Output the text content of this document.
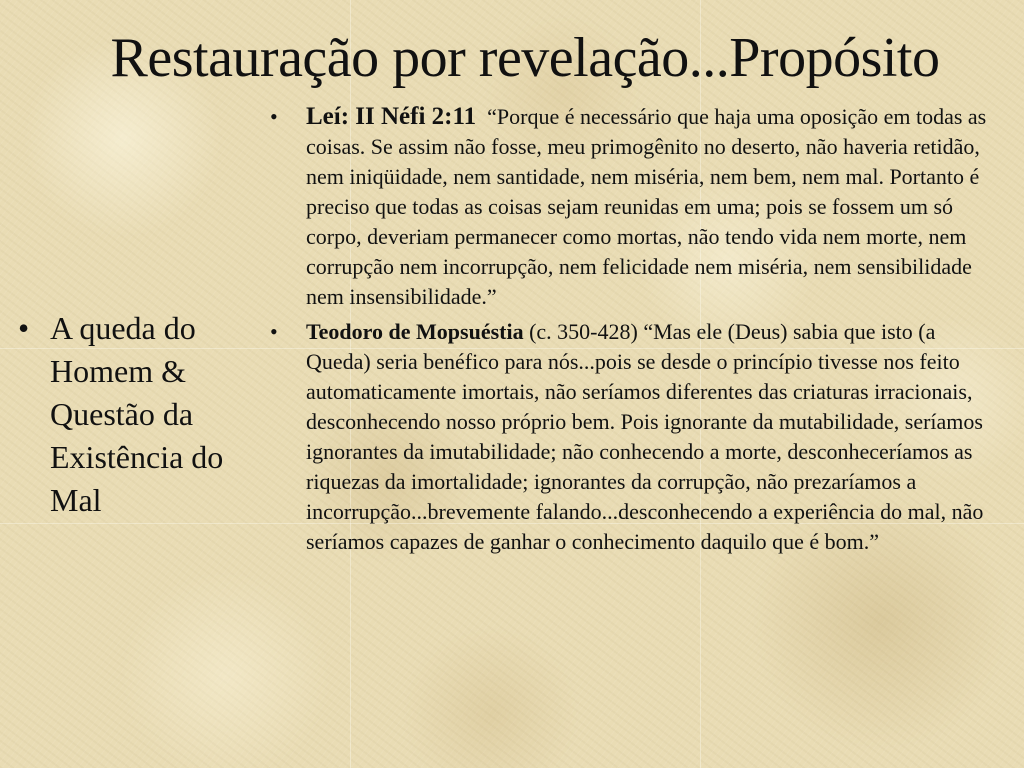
Restauração por revelação...Propósito
• A queda do Homem & Questão da Existência do Mal
• Leí: II Néfi 2:11 “Porque é necessário que haja uma oposição em todas as coisas. Se assim não fosse, meu primogênito no deserto, não haveria retidão, nem iniqüidade, nem santidade, nem miséria, nem bem, nem mal. Portanto é preciso que todas as coisas sejam reunidas em uma; pois se fossem um só corpo, deveriam permanecer como mortas, não tendo vida nem morte, nem corrupção nem incorrupção, nem felicidade nem miséria, nem sensibilidade nem insensibilidade.”
• Teodoro de Mopsuéstia (c. 350-428) “Mas ele (Deus) sabia que isto (a Queda) seria benéfico para nós...pois se desde o princípio tivesse nos feito automaticamente imortais, não seríamos diferentes das criaturas irracionais, desconhecendo nosso próprio bem. Pois ignorante da mutabilidade, seríamos ignorantes da imutabilidade; não conhecendo a morte, desconheceríamos as riquezas da imortalidade; ignorantes da corrupção, não prezaríamos a incorrupção...brevemente falando...desconhecendo a experiência do mal, não seríamos capazes de ganhar o conhecimento daquilo que é bom.”
